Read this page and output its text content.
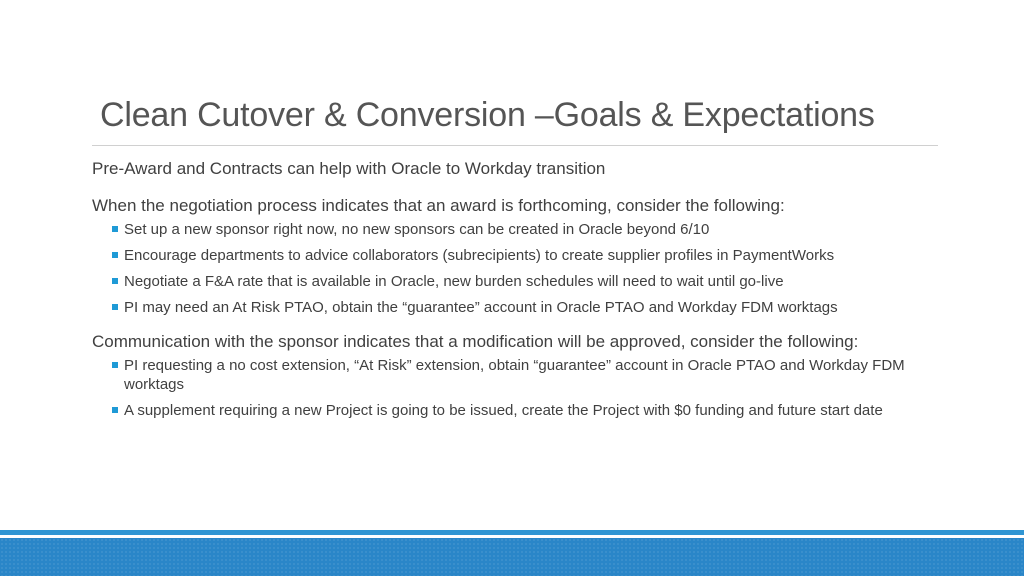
Clean Cutover & Conversion –Goals & Expectations

Pre-Award and Contracts can help with Oracle to Workday transition

When the negotiation process indicates that an award is forthcoming, consider the following:

Set up a new sponsor right now, no new sponsors can be created in Oracle beyond 6/10
Encourage departments to advice collaborators (subrecipients) to create supplier profiles in PaymentWorks
Negotiate a F&A rate that is available in Oracle, new burden schedules will need to wait until go-live
PI may need an At Risk PTAO, obtain the “guarantee” account in Oracle PTAO and Workday FDM worktags

Communication with the sponsor indicates that a modification will be approved, consider the following:

PI requesting a no cost extension, “At Risk” extension, obtain “guarantee” account in Oracle PTAO and Workday FDM worktags
A supplement requiring a new Project is going to be issued, create the Project with $0 funding and future start date
